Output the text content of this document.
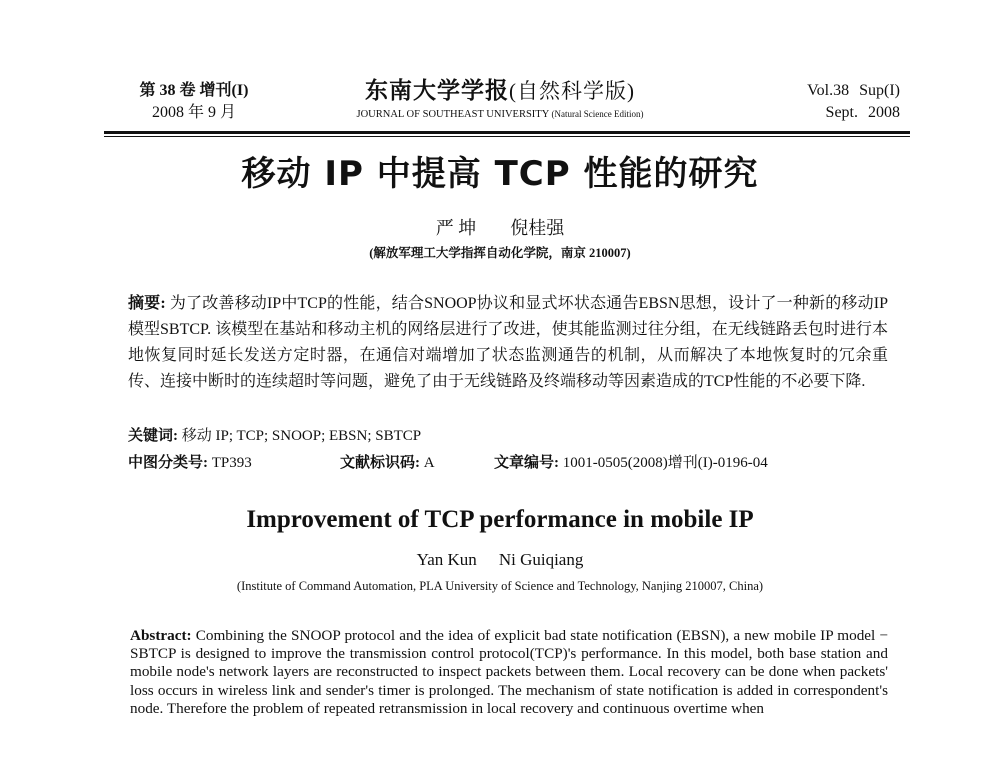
第 38 卷 增刊(I)
2008 年 9 月
东南大学学报(自然科学版)
JOURNAL OF SOUTHEAST UNIVERSITY (Natural Science Edition)
Vol.38 Sup(I)
Sept. 2008
移动 IP 中提高 TCP 性能的研究
严 坤 倪桂强
(解放军理工大学指挥自动化学院，南京 210007)
摘要: 为了改善移动IP中TCP的性能，结合SNOOP协议和显式坏状态通告EBSN思想，设计了一种新的移动IP模型SBTCP. 该模型在基站和移动主机的网络层进行了改进，使其能监测过往分组，在无线链路丢包时进行本地恢复同时延长发送方定时器，在通信对端增加了状态监测通告的机制，从而解决了本地恢复时的冗余重传、连接中断时的连续超时等问题，避免了由于无线链路及终端移动等因素造成的TCP性能的不必要下降.
关键词: 移动 IP; TCP; SNOOP; EBSN; SBTCP
中图分类号: TP393	文献标识码: A	文章编号: 1001-0505(2008)增刊(I)-0196-04
Improvement of TCP performance in mobile IP
Yan Kun Ni Guiqiang
(Institute of Command Automation, PLA University of Science and Technology, Nanjing 210007, China)
Abstract: Combining the SNOOP protocol and the idea of explicit bad state notification (EBSN), a new mobile IP model − SBTCP is designed to improve the transmission control protocol(TCP)'s performance. In this model, both base station and mobile node's network layers are reconstructed to inspect packets between them. Local recovery can be done when packets' loss occurs in wireless link and sender's timer is prolonged. The mechanism of state notification is added in correspondent's node. Therefore the problem of repeated retransmission in local recovery and continuous overtime when
